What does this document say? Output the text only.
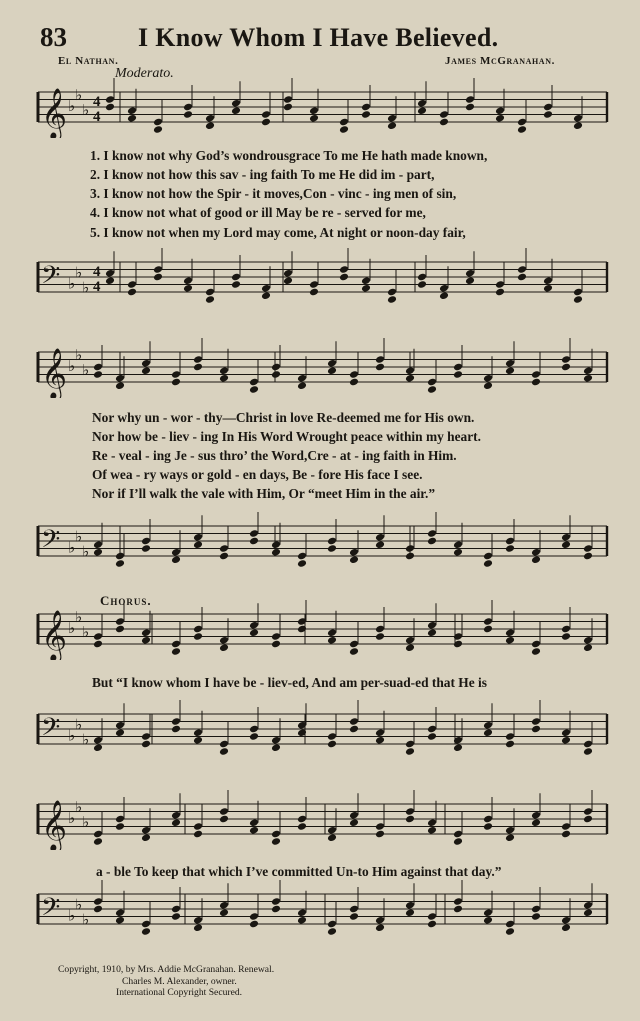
83	I Know Whom I Have Believed.
El Nathan.	James McGranahan.
Moderato.
𝄞 ♭
♭
♭ 4
4
𝄢 ♭
♭
♭
4
4
1. I know not why God’s wondrousgrace To me He hath made known,
2. I know not how this sav - ing faith To me He did im - part,
3. I know not how the Spir - it moves,Con - vinc - ing men of sin,
4. I know not what of good or ill May be re - served for me,
5. I know not when my Lord may come, At night or noon-day fair,
𝄞 ♭
♭
♭
𝄢 ♭
♭
♭
Nor why un - wor - thy—Christ in love Re-deemed me for His own.
Nor how be - liev - ing In His Word Wrought peace within my heart.
Re - veal - ing Je - sus thro’ the Word,Cre - at - ing faith in Him.
Of wea - ry ways or gold - en days, Be - fore His face I see.
Nor if I’ll walk the vale with Him, Or “meet Him in the air.”
Chorus.
𝄞 ♭
♭
♭
But “I know whom I have be - liev-ed, And am per-suad-ed that He is
𝄢 ♭
♭
♭
𝄞 ♭
♭
♭
a - ble To keep that which I’ve committed Un-to Him against that day.”
𝄢 ♭
♭
♭
Copyright, 1910, by Mrs. Addie McGranahan. Renewal.
Charles M. Alexander, owner.
International Copyright Secured.
